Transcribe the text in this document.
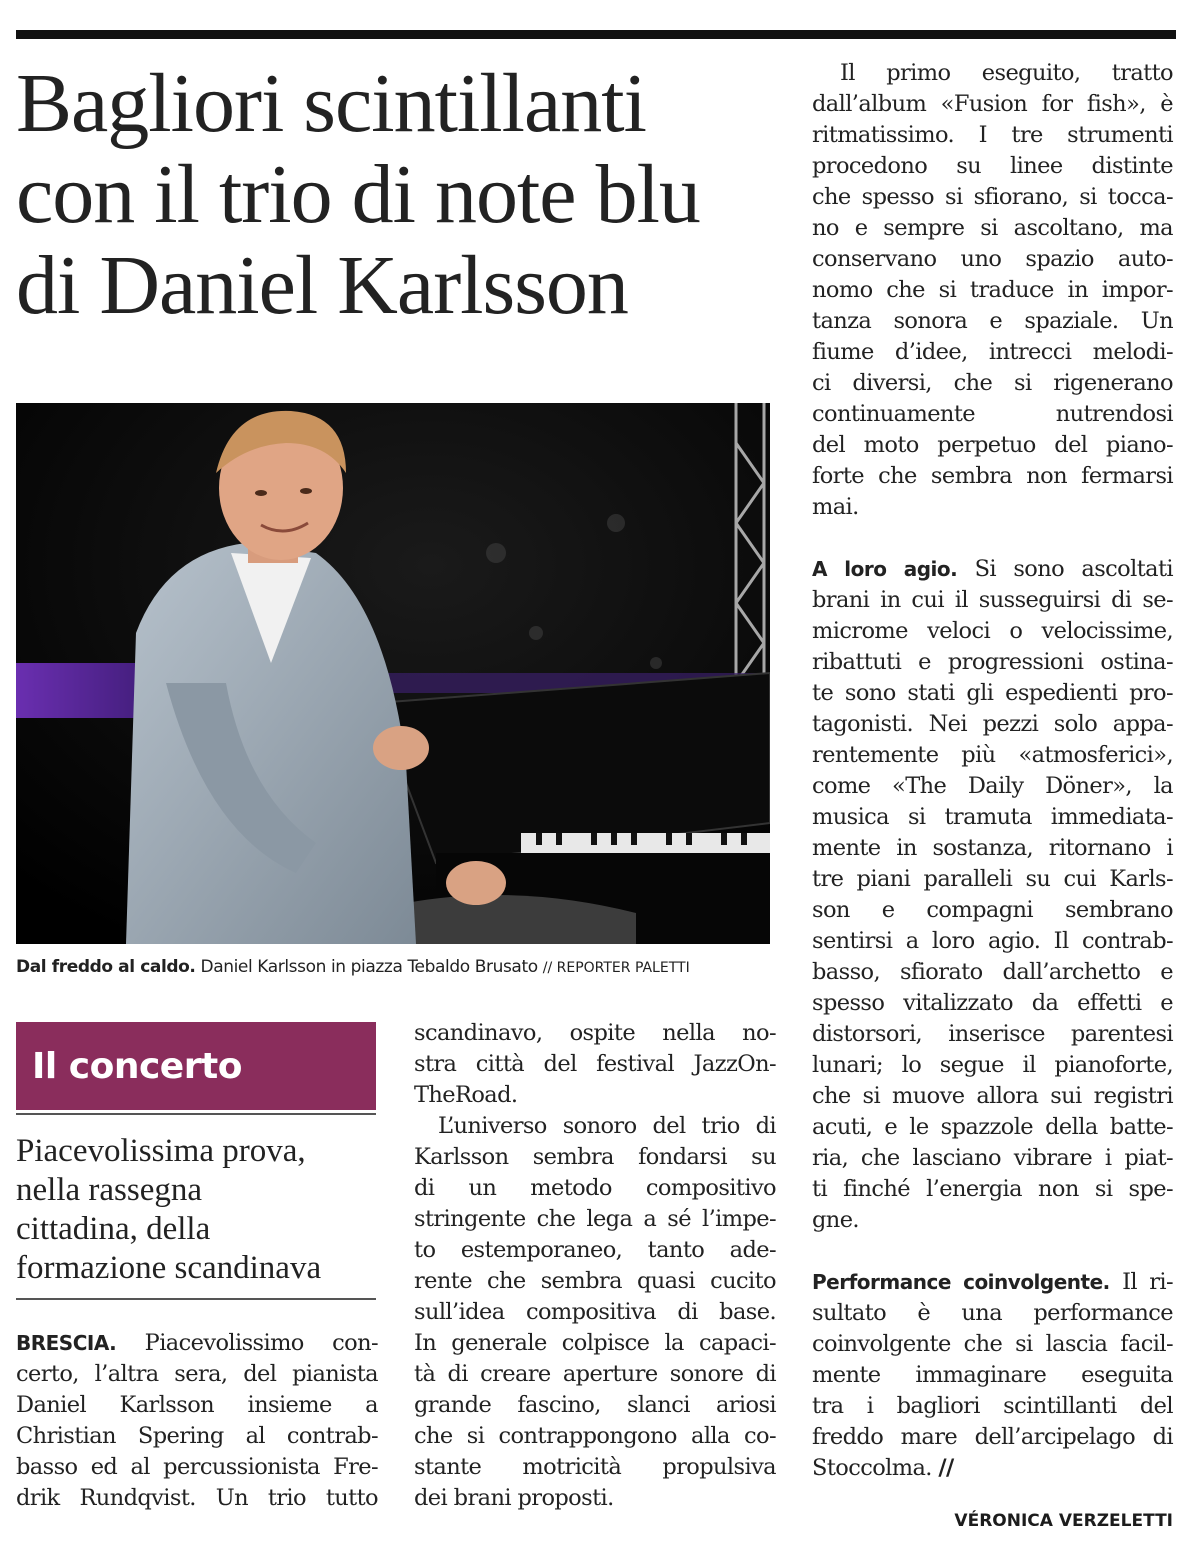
Bagliori scintillanti
con il trio di note blu
di Daniel Karlsson
Dal freddo al caldo. Daniel Karlsson in piazza Tebaldo Brusato // REPORTER PALETTI
Il concerto
Piacevolissima prova,
nella rassegna
cittadina, della
formazione scandinava
BRESCIA. Piacevolissimo con-
certo, l’altra sera, del pianista
Daniel Karlsson insieme a
Christian Spering al contrab-
basso ed al percussionista Fre-
drik Rundqvist. Un trio tutto
scandinavo, ospite nella no-
stra città del festival JazzOn-
TheRoad.
L’universo sonoro del trio di
Karlsson sembra fondarsi su
di un metodo compositivo
stringente che lega a sé l’impe-
to estemporaneo, tanto ade-
rente che sembra quasi cucito
sull’idea compositiva di base.
In generale colpisce la capaci-
tà di creare aperture sonore di
grande fascino, slanci ariosi
che si contrappongono alla co-
stante motricità propulsiva
dei brani proposti.
Il primo eseguito, tratto
dall’album «Fusion for fish», è
ritmatissimo. I tre strumenti
procedono su linee distinte
che spesso si sfiorano, si tocca-
no e sempre si ascoltano, ma
conservano uno spazio auto-
nomo che si traduce in impor-
tanza sonora e spaziale. Un
fiume d’idee, intrecci melodi-
ci diversi, che si rigenerano
continuamente nutrendosi
del moto perpetuo del piano-
forte che sembra non fermarsi
mai.
A loro agio. Si sono ascoltati
brani in cui il susseguirsi di se-
microme veloci o velocissime,
ribattuti e progressioni ostina-
te sono stati gli espedienti pro-
tagonisti. Nei pezzi solo appa-
rentemente più «atmosferici»,
come «The Daily Döner», la
musica si tramuta immediata-
mente in sostanza, ritornano i
tre piani paralleli su cui Karls-
son e compagni sembrano
sentirsi a loro agio. Il contrab-
basso, sfiorato dall’archetto e
spesso vitalizzato da effetti e
distorsori, inserisce parentesi
lunari; lo segue il pianoforte,
che si muove allora sui registri
acuti, e le spazzole della batte-
ria, che lasciano vibrare i piat-
ti finché l’energia non si spe-
gne.
Performance coinvolgente. Il ri-
sultato è una performance
coinvolgente che si lascia facil-
mente immaginare eseguita
tra i bagliori scintillanti del
freddo mare dell’arcipelago di
Stoccolma. //
VÉRONICA VERZELETTI
